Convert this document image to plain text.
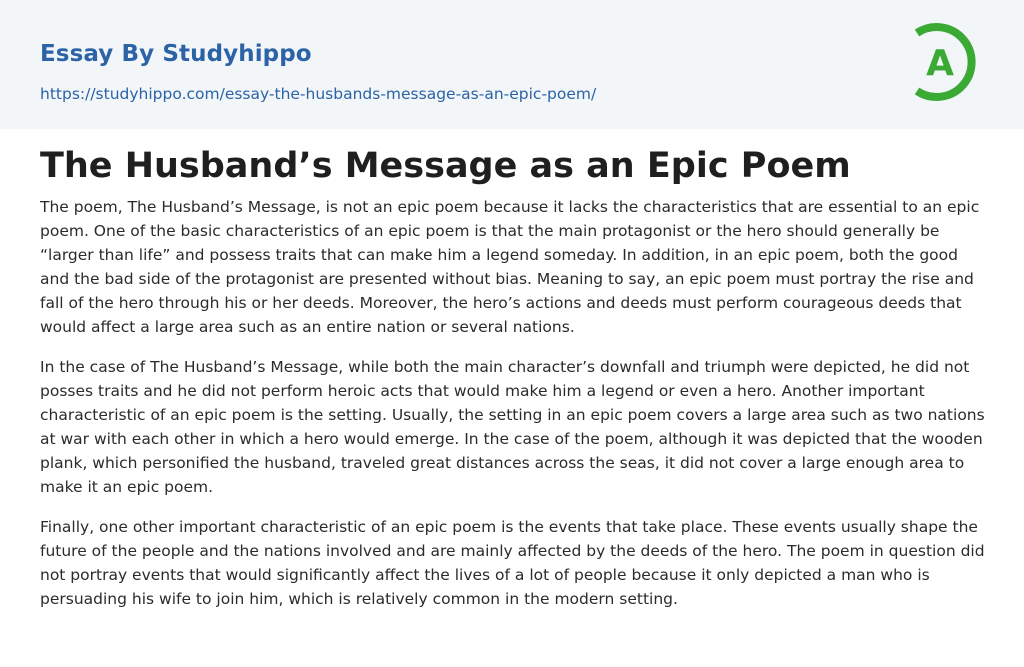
Essay By Studyhippo
https://studyhippo.com/essay-the-husbands-message-as-an-epic-poem/
A
The Husband’s Message as an Epic Poem

The poem, The Husband’s Message, is not an epic poem because it lacks the characteristics that are essential to an epic poem. One of the basic characteristics of an epic poem is that the main protagonist or the hero should generally be “larger than life” and possess traits that can make him a legend someday. In addition, in an epic poem, both the good and the bad side of the protagonist are presented without bias. Meaning to say, an epic poem must portray the rise and fall of the hero through his or her deeds. Moreover, the hero’s actions and deeds must perform courageous deeds that would affect a large area such as an entire nation or several nations.

In the case of The Husband’s Message, while both the main character’s downfall and triumph were depicted, he did not posses traits and he did not perform heroic acts that would make him a legend or even a hero. Another important characteristic of an epic poem is the setting. Usually, the setting in an epic poem covers a large area such as two nations at war with each other in which a hero would emerge. In the case of the poem, although it was depicted that the wooden plank, which personified the husband, traveled great distances across the seas, it did not cover a large enough area to make it an epic poem.

Finally, one other important characteristic of an epic poem is the events that take place. These events usually shape the future of the people and the nations involved and are mainly affected by the deeds of the hero. The poem in question did not portray events that would significantly affect the lives of a lot of people because it only depicted a man who is persuading his wife to join him, which is relatively common in the modern setting.
